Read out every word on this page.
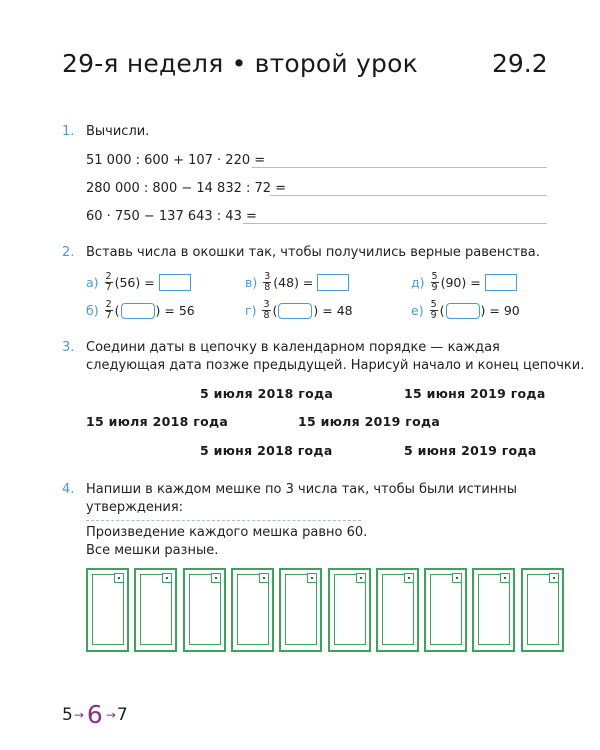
29-я неделя • второй урок	29.2
1. Вычисли.
51 000 : 600 + 107 · 220 =
280 000 : 800 − 14 832 : 72 =
60 · 750 − 137 643 : 43 =
2. Вставь числа в окошки так, чтобы получились верные равенства.
$а) \frac{2}{7} (56)$ =	$в) \frac{3}{8} (48)$ =	$д) \frac{5}{9} (90)$ =
$б) \frac{2}{7}$ (	) = 56	$г) \frac{3}{8}$ (	) = 48	$е) \frac{5}{9}$ (	) = 90
3. Соедини даты в цепочку в календарном порядке — каждая
следующая дата позже предыдущей. Нарисуй начало и конец цепочки.
5 июля 2018 года	15 июня 2019 года
15 июля 2018 года	15 июля 2019 года
5 июня 2018 года	5 июня 2019 года
4. Напиши в каждом мешке по 3 числа так, чтобы были истинны
утверждения:
Произведение каждого мешка равно 60.
Все мешки разные.
5 → 6 → 7
